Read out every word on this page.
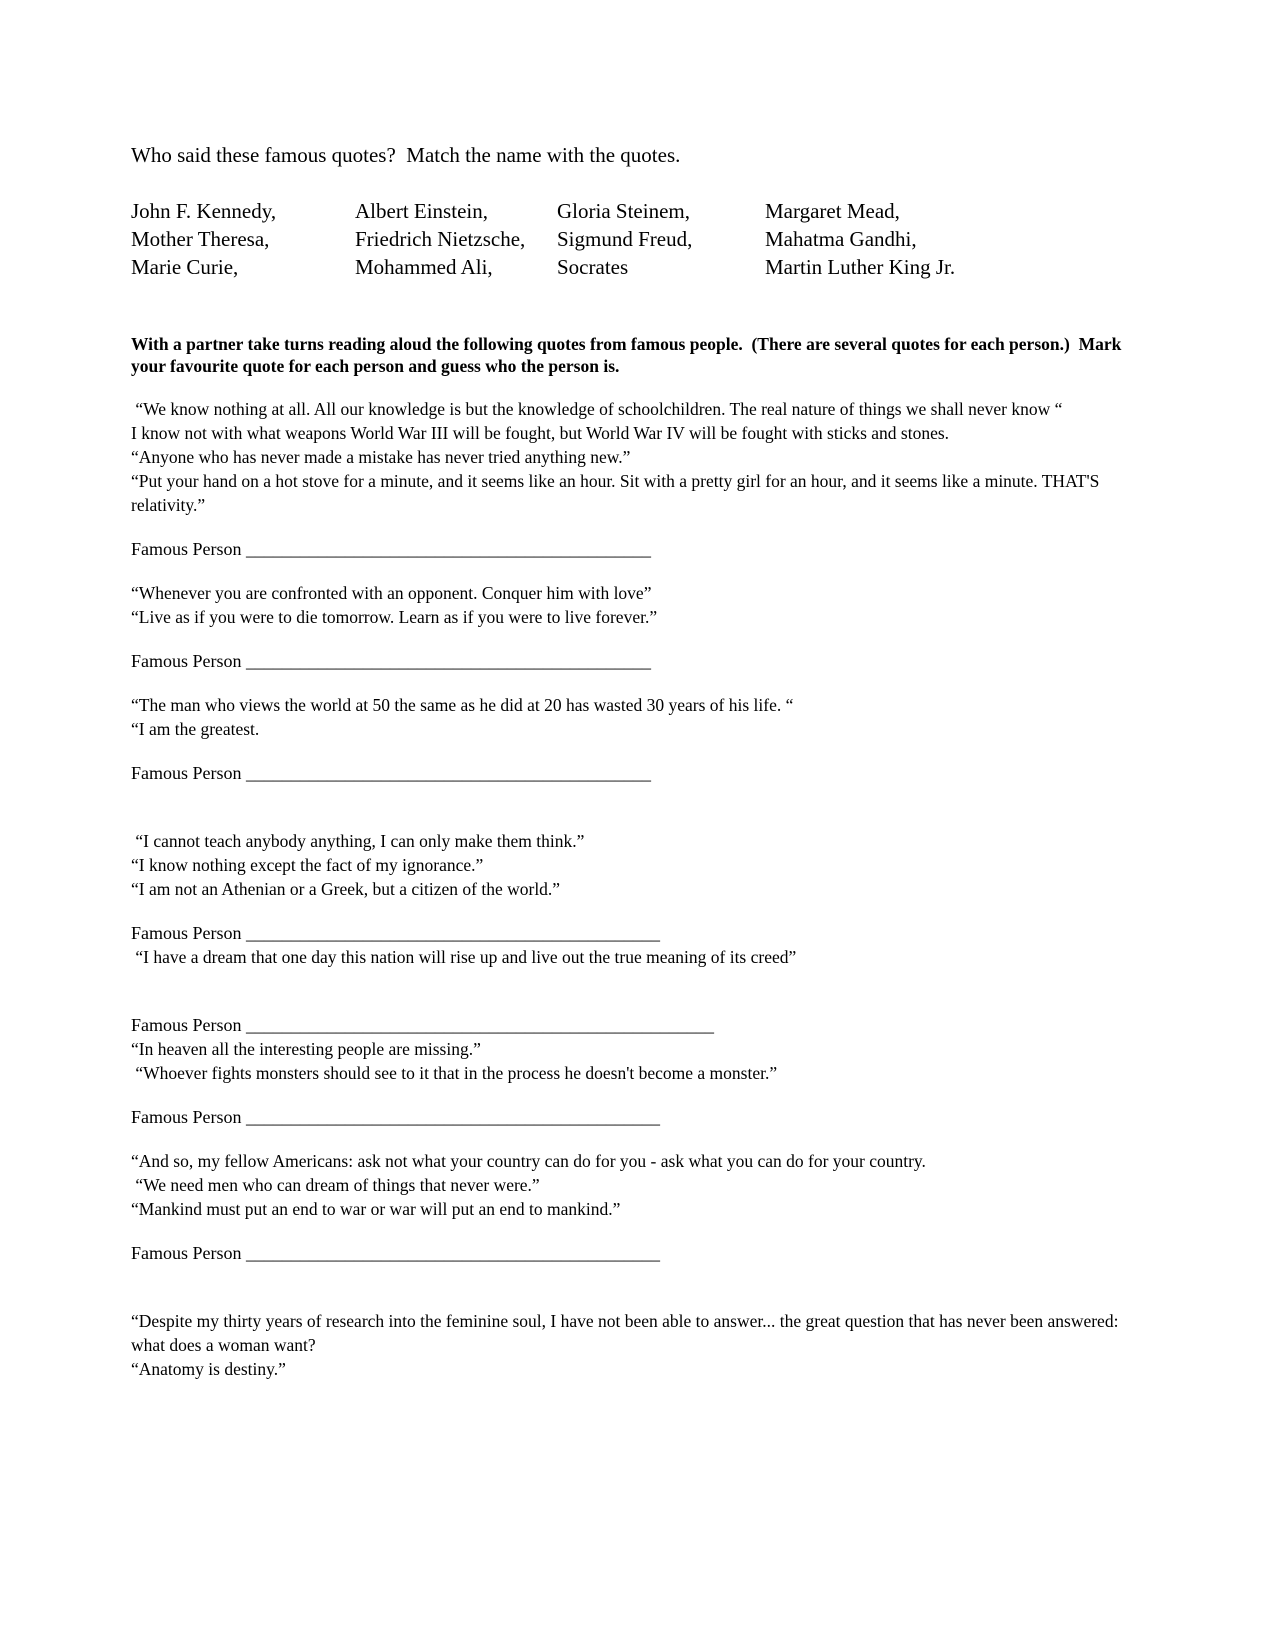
Who said these famous quotes?  Match the name with the quotes.
John F. Kennedy,	Albert Einstein,	Gloria Steinem,	Margaret Mead,
Mother Theresa,	Friedrich Nietzsche,	Sigmund Freud,	Mahatma Gandhi,
Marie Curie,	Mohammed Ali,	Socrates	Martin Luther King Jr.
With a partner take turns reading aloud the following quotes from famous people.  (There are several quotes for each person.)  Mark your favourite quote for each person and guess who the person is.
“We know nothing at all. All our knowledge is but the knowledge of schoolchildren. The real nature of things we shall never know “
I know not with what weapons World War III will be fought, but World War IV will be fought with sticks and stones.
“Anyone who has never made a mistake has never tried anything new.”
“Put your hand on a hot stove for a minute, and it seems like an hour. Sit with a pretty girl for an hour, and it seems like a minute. THAT'S relativity.”
Famous Person _____________________________________________
“Whenever you are confronted with an opponent. Conquer him with love”
“Live as if you were to die tomorrow. Learn as if you were to live forever.”
Famous Person _____________________________________________
“The man who views the world at 50 the same as he did at 20 has wasted 30 years of his life. “
“I am the greatest.
Famous Person _____________________________________________
“I cannot teach anybody anything, I can only make them think.”
“I know nothing except the fact of my ignorance.”
“I am not an Athenian or a Greek, but a citizen of the world.”
Famous Person ______________________________________________
“I have a dream that one day this nation will rise up and live out the true meaning of its creed”
Famous Person ____________________________________________________
“In heaven all the interesting people are missing.”
“Whoever fights monsters should see to it that in the process he doesn't become a monster.”
Famous Person ______________________________________________
“And so, my fellow Americans: ask not what your country can do for you - ask what you can do for your country.
“We need men who can dream of things that never were.”
“Mankind must put an end to war or war will put an end to mankind.”
Famous Person ______________________________________________
“Despite my thirty years of research into the feminine soul, I have not been able to answer... the great question that has never been answered: what does a woman want?
“Anatomy is destiny.”
